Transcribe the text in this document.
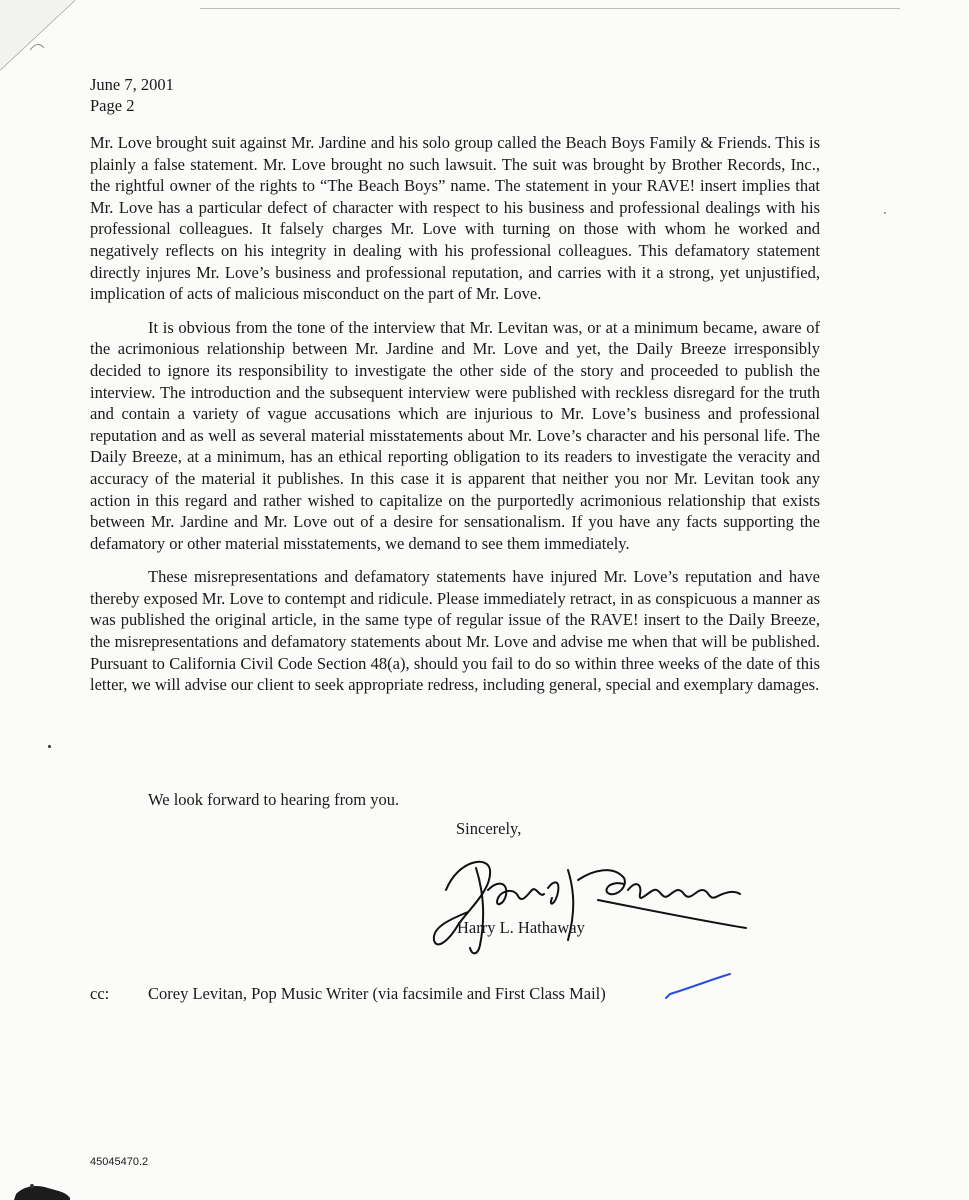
June 7, 2001
Page 2

Mr. Love brought suit against Mr. Jardine and his solo group called the Beach Boys Family & Friends. This is plainly a false statement. Mr. Love brought no such lawsuit. The suit was brought by Brother Records, Inc., the rightful owner of the rights to “The Beach Boys” name. The statement in your RAVE! insert implies that Mr. Love has a particular defect of character with respect to his business and professional dealings with his professional colleagues. It falsely charges Mr. Love with turning on those with whom he worked and negatively reflects on his integrity in dealing with his professional colleagues. This defamatory statement directly injures Mr. Love’s business and professional reputation, and carries with it a strong, yet unjustified, implication of acts of malicious misconduct on the part of Mr. Love.

It is obvious from the tone of the interview that Mr. Levitan was, or at a minimum became, aware of the acrimonious relationship between Mr. Jardine and Mr. Love and yet, the Daily Breeze irresponsibly decided to ignore its responsibility to investigate the other side of the story and proceeded to publish the interview. The introduction and the subsequent interview were published with reckless disregard for the truth and contain a variety of vague accusations which are injurious to Mr. Love’s business and professional reputation and as well as several material misstatements about Mr. Love’s character and his personal life. The Daily Breeze, at a minimum, has an ethical reporting obligation to its readers to investigate the veracity and accuracy of the material it publishes. In this case it is apparent that neither you nor Mr. Levitan took any action in this regard and rather wished to capitalize on the purportedly acrimonious relationship that exists between Mr. Jardine and Mr. Love out of a desire for sensationalism. If you have any facts supporting the defamatory or other material misstatements, we demand to see them immediately.

These misrepresentations and defamatory statements have injured Mr. Love’s reputation and have thereby exposed Mr. Love to contempt and ridicule. Please immediately retract, in as conspicuous a manner as was published the original article, in the same type of regular issue of the RAVE! insert to the Daily Breeze, the misrepresentations and defamatory statements about Mr. Love and advise me when that will be published. Pursuant to California Civil Code Section 48(a), should you fail to do so within three weeks of the date of this letter, we will advise our client to seek appropriate redress, including general, special and exemplary damages.

We look forward to hearing from you.
Sincerely,
Harry L. Hathaway
cc: Corey Levitan, Pop Music Writer (via facsimile and First Class Mail)
45045470.2
